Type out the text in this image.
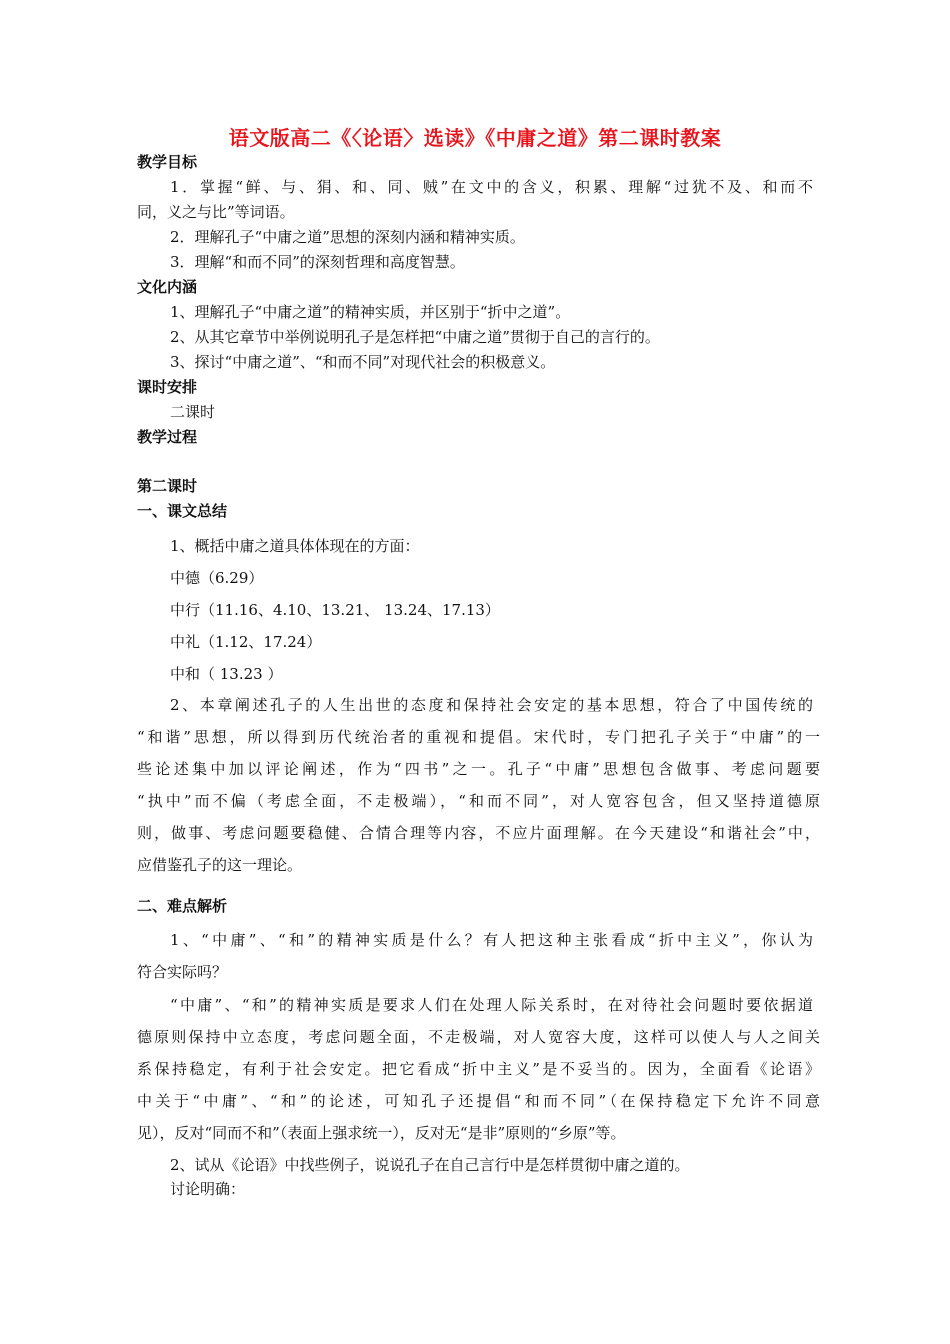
语文版高二《〈论语〉选读》《中庸之道》第二课时教案
教学目标
1．掌握“鲜、与、狷、和、同、贼”在文中的含义，积累、理解“过犹不及、和而不
同，义之与比”等词语。
2．理解孔子“中庸之道”思想的深刻内涵和精神实质。
3．理解“和而不同”的深刻哲理和高度智慧。
文化内涵
1、理解孔子“中庸之道”的精神实质，并区别于“折中之道”。
2、从其它章节中举例说明孔子是怎样把“中庸之道”贯彻于自己的言行的。
3、探讨“中庸之道”、“和而不同”对现代社会的积极意义。
课时安排
二课时
教学过程
第二课时
一、课文总结
1、概括中庸之道具体体现在的方面：
中德（6.29）
中行（11.16、4.10、13.21、 13.24、17.13）
中礼（1.12、17.24）
中和（ 13.23 ）
2、本章阐述孔子的人生出世的态度和保持社会安定的基本思想，符合了中国传统的
“和谐”思想，所以得到历代统治者的重视和提倡。宋代时，专门把孔子关于“中庸”的一
些论述集中加以评论阐述，作为“四书”之一。孔子“中庸”思想包含做事、考虑问题要
“执中”而不偏（考虑全面，不走极端），“和而不同”，对人宽容包含，但又坚持道德原
则，做事、考虑问题要稳健、合情合理等内容，不应片面理解。在今天建设“和谐社会”中，
应借鉴孔子的这一理论。
二、难点解析
1、“中庸”、“和”的精神实质是什么？有人把这种主张看成“折中主义”，你认为
符合实际吗？
“中庸”、“和”的精神实质是要求人们在处理人际关系时，在对待社会问题时要依据道
德原则保持中立态度，考虑问题全面，不走极端，对人宽容大度，这样可以使人与人之间关
系保持稳定，有利于社会安定。把它看成“折中主义”是不妥当的。因为，全面看《论语》
中关于“中庸”、“和”的论述，可知孔子还提倡“和而不同”（在保持稳定下允许不同意
见），反对“同而不和”（表面上强求统一），反对无“是非”原则的“乡原”等。
2、试从《论语》中找些例子，说说孔子在自己言行中是怎样贯彻中庸之道的。
讨论明确：
